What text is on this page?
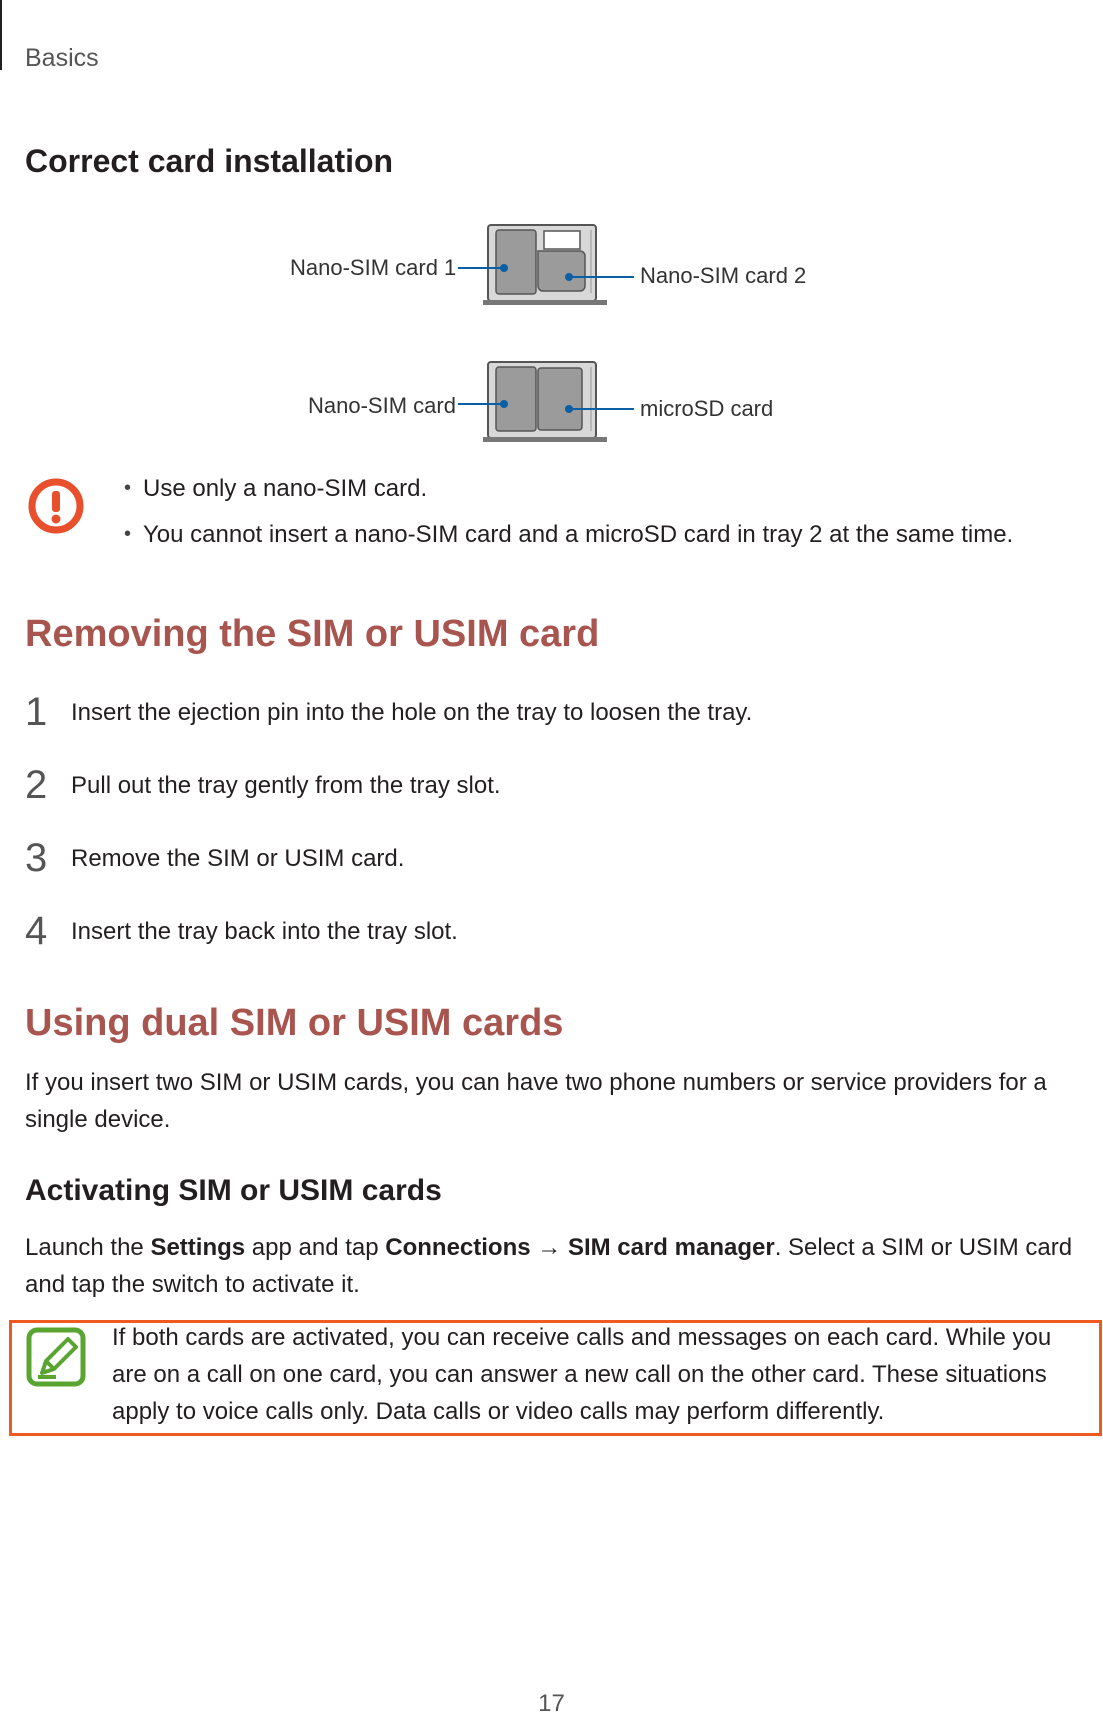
Basics
Correct card installation
Nano-SIM card 1	Nano-SIM card 2
Nano-SIM card	microSD card
• Use only a nano-SIM card.
• You cannot insert a nano-SIM card and a microSD card in tray 2 at the same time.
Removing the SIM or USIM card
1 Insert the ejection pin into the hole on the tray to loosen the tray.
2 Pull out the tray gently from the tray slot.
3 Remove the SIM or USIM card.
4 Insert the tray back into the tray slot.
Using dual SIM or USIM cards
If you insert two SIM or USIM cards, you can have two phone numbers or service providers for a single device.
Activating SIM or USIM cards
Launch the Settings app and tap Connections → SIM card manager. Select a SIM or USIM card and tap the switch to activate it.
If both cards are activated, you can receive calls and messages on each card. While you are on a call on one card, you can answer a new call on the other card. These situations apply to voice calls only. Data calls or video calls may perform differently.
17
